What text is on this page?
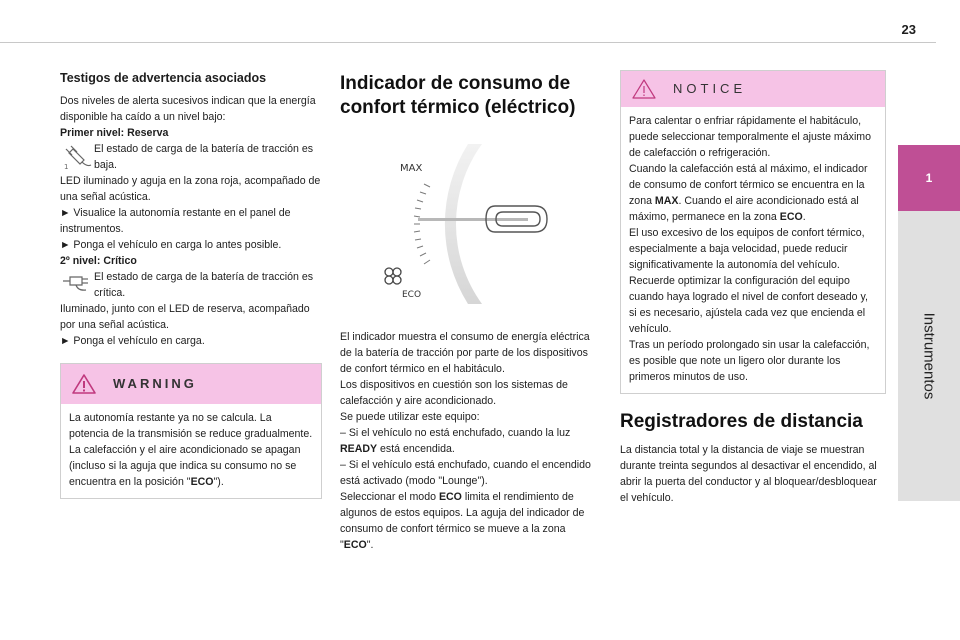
23
1
Instrumentos
Testigos de advertencia asociados

Dos niveles de alerta sucesivos indican que la energía disponible ha caído a un nivel bajo:

Primer nivel: Reserva

1
El estado de carga de la batería de tracción es baja.

LED iluminado y aguja en la zona roja, acompañado de una señal acústica.

► Visualice la autonomía restante en el panel de instrumentos.

► Ponga el vehículo en carga lo antes posible.

2º nivel: Crítico

El estado de carga de la batería de tracción es crítica.

Iluminado, junto con el LED de reserva, acompañado por una señal acústica.

► Ponga el vehículo en carga.

WARNING

La autonomía restante ya no se calcula. La potencia de la transmisión se reduce gradualmente.

La calefacción y el aire acondicionado se apagan (incluso si la aguja que indica su consumo no se encuentra en la posición "ECO").

Indicador de consumo de confort térmico (eléctrico)
MAX
ECO

El indicador muestra el consumo de energía eléctrica de la batería de tracción por parte de los dispositivos de confort térmico en el habitáculo.

Los dispositivos en cuestión son los sistemas de calefacción y aire acondicionado.

Se puede utilizar este equipo:

– Si el vehículo no está enchufado, cuando la luz READY está encendida.

– Si el vehículo está enchufado, cuando el encendido está activado (modo "Lounge").

Seleccionar el modo ECO limita el rendimiento de algunos de estos equipos. La aguja del indicador de consumo de confort térmico se mueve a la zona "ECO".

NOTICE

Para calentar o enfriar rápidamente el habitáculo, puede seleccionar temporalmente el ajuste máximo de calefacción o refrigeración.

Cuando la calefacción está al máximo, el indicador de consumo de confort térmico se encuentra en la zona MAX. Cuando el aire acondicionado está al máximo, permanece en la zona ECO.

El uso excesivo de los equipos de confort térmico, especialmente a baja velocidad, puede reducir significativamente la autonomía del vehículo.

Recuerde optimizar la configuración del equipo cuando haya logrado el nivel de confort deseado y, si es necesario, ajústela cada vez que encienda el vehículo.

Tras un período prolongado sin usar la calefacción, es posible que note un ligero olor durante los primeros minutos de uso.

Registradores de distancia

La distancia total y la distancia de viaje se muestran durante treinta segundos al desactivar el encendido, al abrir la puerta del conductor y al bloquear/desbloquear el vehículo.
